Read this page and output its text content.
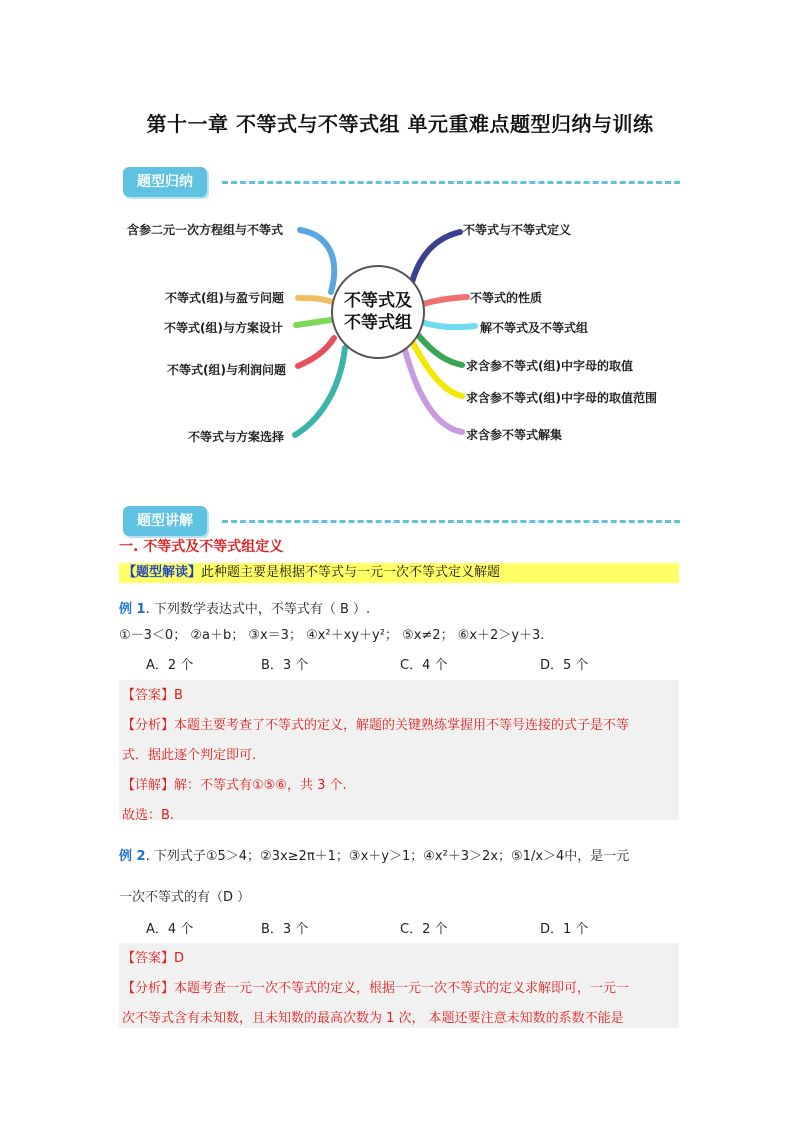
第十一章 不等式与不等式组 单元重难点题型归纳与训练
题型归纳
不等式及
不等式组
含参二元一次方程组与不等式
不等式(组)与盈亏问题
不等式(组)与方案设计
不等式(组)与利润问题
不等式与方案选择
不等式与不等式定义
不等式的性质
解不等式及不等式组
求含参不等式(组)中字母的取值
求含参不等式(组)中字母的取值范围
求含参不等式解集
题型讲解
一. 不等式及不等式组定义
【题型解读】此种题主要是根据不等式与一元一次不等式定义解题
例 1. 下列数学表达式中，不等式有（ B ）.
①－3＜0； ②a＋b； ③x＝3； ④x²＋xy＋y²； ⑤x≠2； ⑥x＋2＞y＋3.
A．2 个	B．3 个	C．4 个	D．5 个
【答案】B
【分析】本题主要考查了不等式的定义，解题的关键熟练掌握用不等号连接的式子是不等
式．据此逐个判定即可.
【详解】解：不等式有①⑤⑥，共 3 个.
故选：B.
例 2. 下列式子①5＞4；②3x≥2π＋1；③x＋y＞1；④x²＋3＞2x；⑤1/x＞4中，是一元
一次不等式的有（D ）
A．4 个	B．3 个	C．2 个	D．1 个
【答案】D
【分析】本题考查一元一次不等式的定义，根据一元一次不等式的定义求解即可，一元一
次不等式含有未知数，且未知数的最高次数为 1 次， 本题还要注意未知数的系数不能是
